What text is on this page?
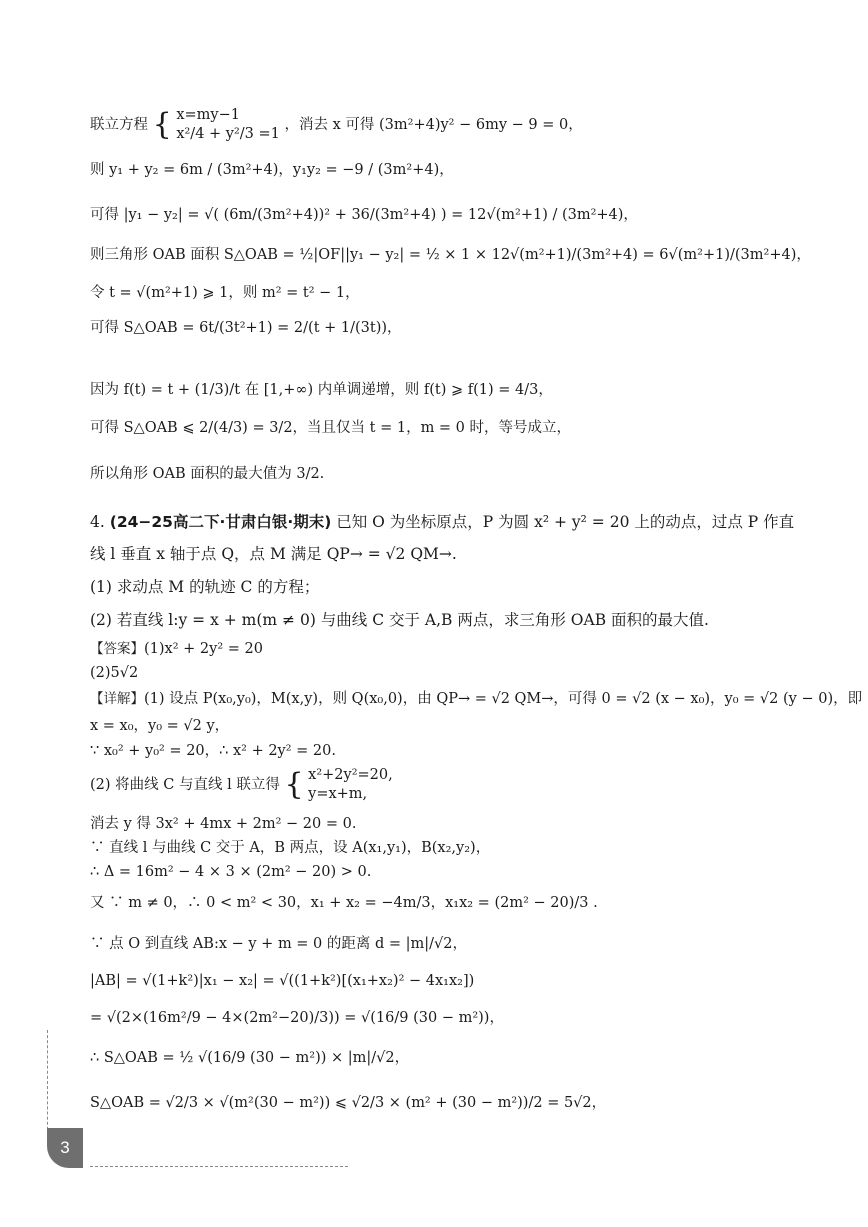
联立方程 { x=my−1
x²/4 + y²/3 =1
，消去 x 可得 (3m²+4)y² − 6my − 9 = 0，
则 y₁ + y₂ = 6m / (3m²+4)，y₁y₂ = −9 / (3m²+4)，
可得 |y₁ − y₂| = √( (6m/(3m²+4))² + 36/(3m²+4) ) = 12√(m²+1) / (3m²+4)，
则三角形 OAB 面积 S△OAB = ½|OF||y₁ − y₂| = ½ × 1 × 12√(m²+1)/(3m²+4) = 6√(m²+1)/(3m²+4)，
令 t = √(m²+1) ⩾ 1，则 m² = t² − 1，
可得 S△OAB = 6t/(3t²+1) = 2/(t + 1/(3t))，
因为 f(t) = t + (1/3)/t 在 [1,+∞) 内单调递增，则 f(t) ⩾ f(1) = 4/3，
可得 S△OAB ⩽ 2/(4/3) = 3/2，当且仅当 t = 1，m = 0 时，等号成立，
所以角形 OAB 面积的最大值为 3/2.
4. (24−25高二下·甘肃白银·期末) 已知 O 为坐标原点，P 为圆 x² + y² = 20 上的动点，过点 P 作直
线 l 垂直 x 轴于点 Q，点 M 满足 QP→ = √2 QM→.
(1) 求动点 M 的轨迹 C 的方程；
(2) 若直线 l:y = x + m(m ≠ 0) 与曲线 C 交于 A,B 两点，求三角形 OAB 面积的最大值.
【答案】(1)x² + 2y² = 20
(2)5√2
【详解】(1) 设点 P(x₀,y₀)，M(x,y)，则 Q(x₀,0)，由 QP→ = √2 QM→，可得 0 = √2 (x − x₀)，y₀ = √2 (y − 0)，即
x = x₀，y₀ = √2 y，
∵ x₀² + y₀² = 20，∴ x² + 2y² = 20.
(2) 将曲线 C 与直线 l 联立得 { x²+2y²=20,
y=x+m,
消去 y 得 3x² + 4mx + 2m² − 20 = 0.
∵ 直线 l 与曲线 C 交于 A，B 两点，设 A(x₁,y₁)，B(x₂,y₂)，
∴ Δ = 16m² − 4 × 3 × (2m² − 20) > 0.
又 ∵ m ≠ 0，∴ 0 < m² < 30，x₁ + x₂ = −4m/3，x₁x₂ = (2m² − 20)/3 .
∵ 点 O 到直线 AB:x − y + m = 0 的距离 d = |m|/√2，
|AB| = √(1+k²)|x₁ − x₂| = √((1+k²)[(x₁+x₂)² − 4x₁x₂])
= √(2×(16m²/9 − 4×(2m²−20)/3)) = √(16/9 (30 − m²))，
∴ S△OAB = ½ √(16/9 (30 − m²)) × |m|/√2，
S△OAB = √2/3 × √(m²(30 − m²)) ⩽ √2/3 × (m² + (30 − m²))/2 = 5√2，
3
